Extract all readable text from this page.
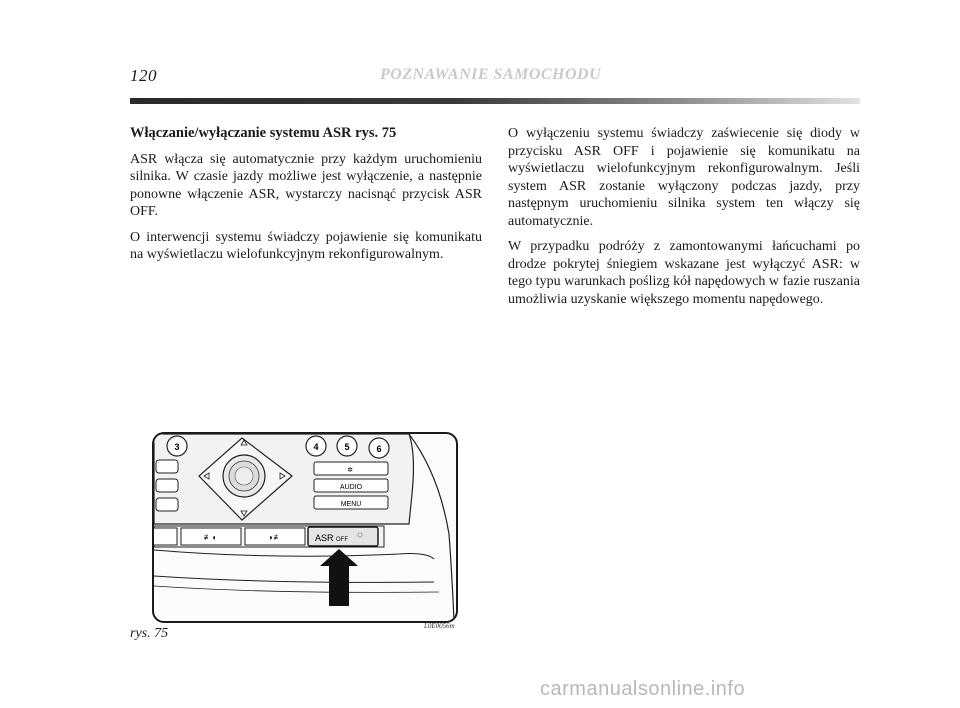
120	POZNAWANIE SAMOCHODU

Włączanie/wyłączanie systemu ASR rys. 75

ASR włącza się automatycznie przy każdym uruchomieniu silnika. W czasie jazdy możliwe jest wyłączenie, a następnie ponowne włączenie ASR, wystarczy nacisnąć przycisk ASR OFF.

O interwencji systemu świadczy pojawienie się komunikatu na wyświetlaczu wielofunkcyjnym rekonfigurowalnym.

O wyłączeniu systemu świadczy zaświecenie się diody w przycisku ASR OFF i pojawienie się komunikatu na wyświetlaczu wielofunkcyjnym rekonfigurowalnym. Jeśli system ASR zostanie wyłączony podczas jazdy, przy następnym uruchomieniu silnika system ten włączy się automatycznie.

W przypadku podróży z zamontowanymi łańcuchami po drodze pokrytej śniegiem wskazane jest wyłączyć ASR: w tego typu warunkach poślizg kół napędowych w fazie ruszania umożliwia uzyskanie większego momentu napędowego.

3	4	5	6
✲
AUDIO
MENU
≢◖	◗≢	ASR OFF
rys. 75	L0E0056m
carmanualsonline.info
